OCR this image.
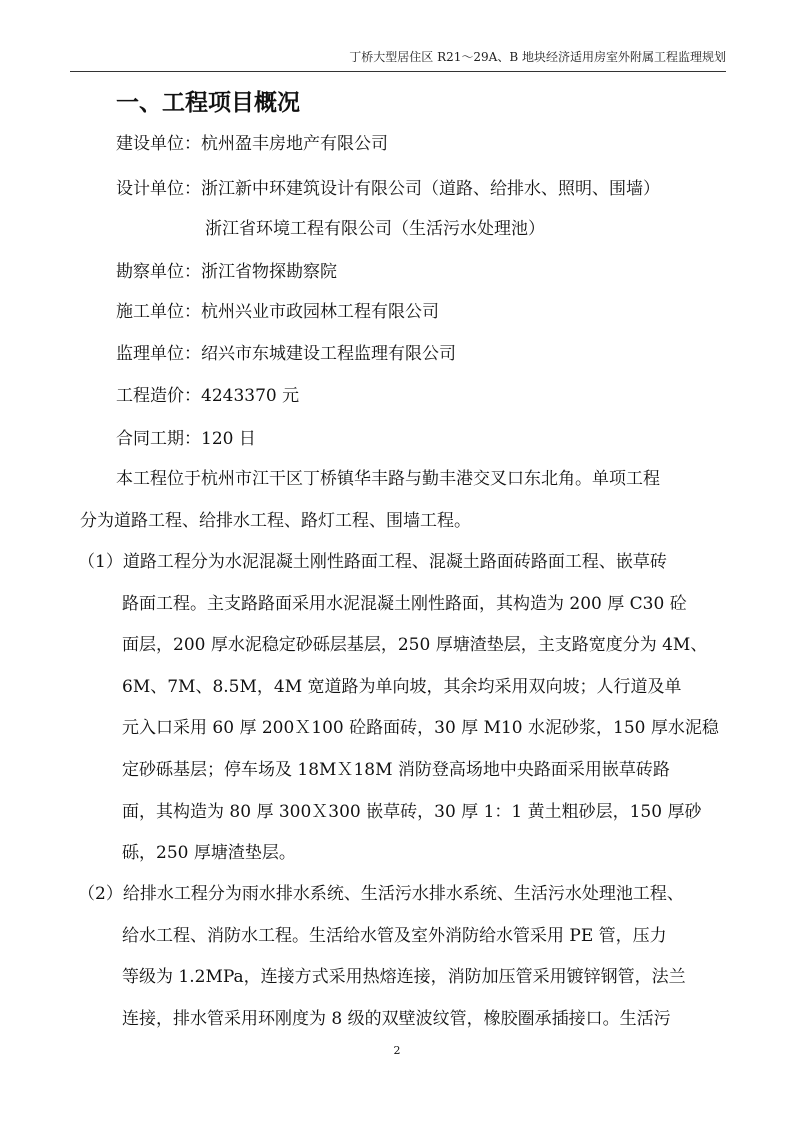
丁桥大型居住区 R21～29A、B 地块经济适用房室外附属工程监理规划
一、工程项目概况
建设单位：杭州盈丰房地产有限公司
设计单位：浙江新中环建筑设计有限公司（道路、给排水、照明、围墙）
浙江省环境工程有限公司（生活污水处理池）
勘察单位：浙江省物探勘察院
施工单位：杭州兴业市政园林工程有限公司
监理单位：绍兴市东城建设工程监理有限公司
工程造价：4243370 元
合同工期：120 日
本工程位于杭州市江干区丁桥镇华丰路与勤丰港交叉口东北角。单项工程
分为道路工程、给排水工程、路灯工程、围墙工程。
（1）道路工程分为水泥混凝土刚性路面工程、混凝土路面砖路面工程、嵌草砖
路面工程。主支路路面采用水泥混凝土刚性路面，其构造为 200 厚 C30 砼
面层，200 厚水泥稳定砂砾层基层，250 厚塘渣垫层，主支路宽度分为 4M、
6M、7M、8.5M，4M 宽道路为单向坡，其余均采用双向坡；人行道及单
元入口采用 60 厚 200Ｘ100 砼路面砖，30 厚 M10 水泥砂浆，150 厚水泥稳
定砂砾基层；停车场及 18MＸ18M 消防登高场地中央路面采用嵌草砖路
面，其构造为 80 厚 300Ｘ300 嵌草砖，30 厚 1：1 黄土粗砂层，150 厚砂
砾，250 厚塘渣垫层。
（2）给排水工程分为雨水排水系统、生活污水排水系统、生活污水处理池工程、
给水工程、消防水工程。生活给水管及室外消防给水管采用 PE 管，压力
等级为 1.2MPa，连接方式采用热熔连接，消防加压管采用镀锌钢管，法兰
连接，排水管采用环刚度为 8 级的双壁波纹管，橡胶圈承插接口。生活污
2
